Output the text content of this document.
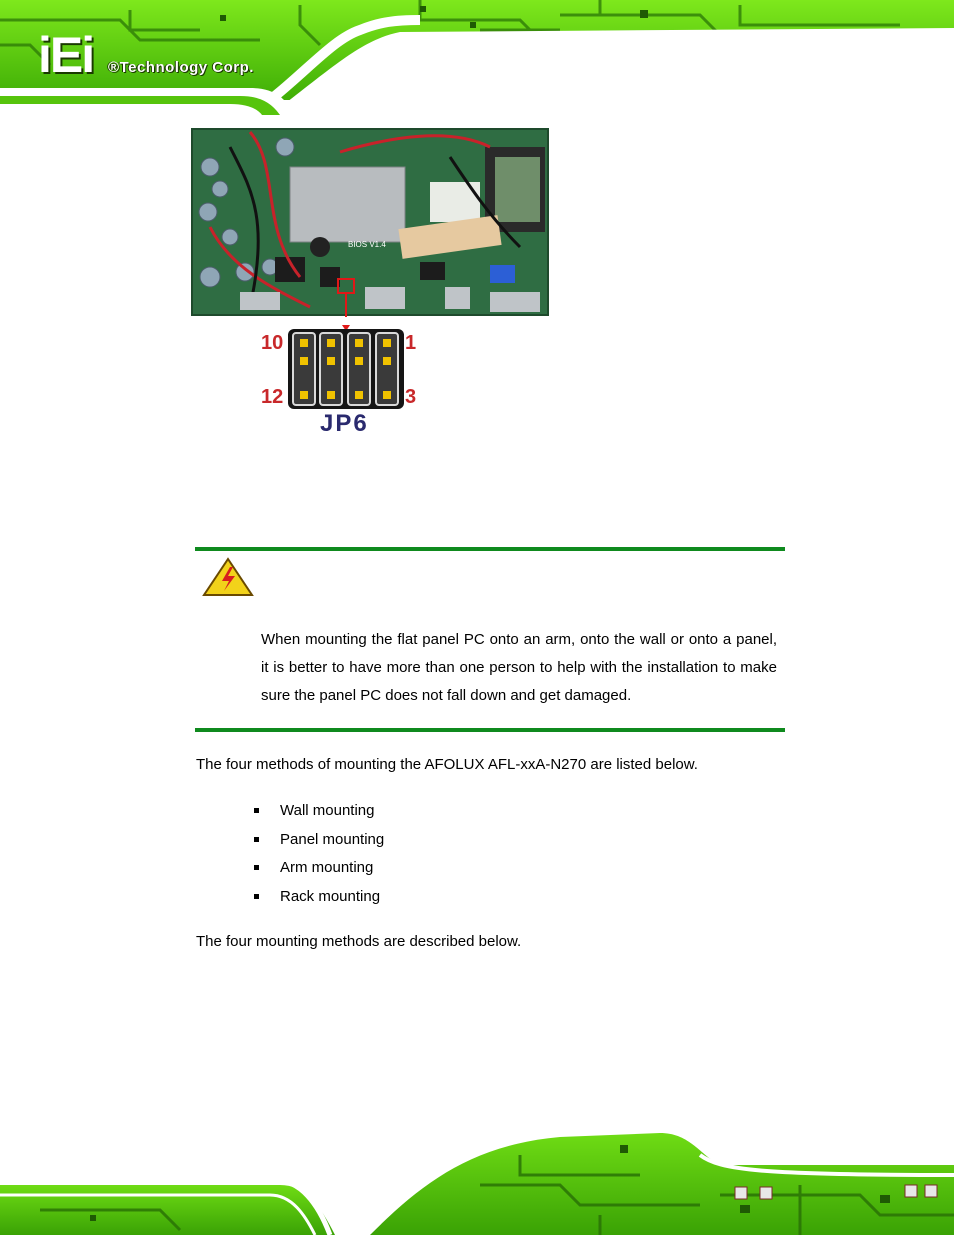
iEi ®Technology Corp.
BIOS V1.4
10	1
12	3
JP6
When mounting the flat panel PC onto an arm, onto the wall or onto a panel, it is better to have more than one person to help with the installation to make sure the panel PC does not fall down and get damaged.

The four methods of mounting the AFOLUX AFL-xxA-N270 are listed below.

Wall mounting
Panel mounting
Arm mounting
Rack mounting

The four mounting methods are described below.
